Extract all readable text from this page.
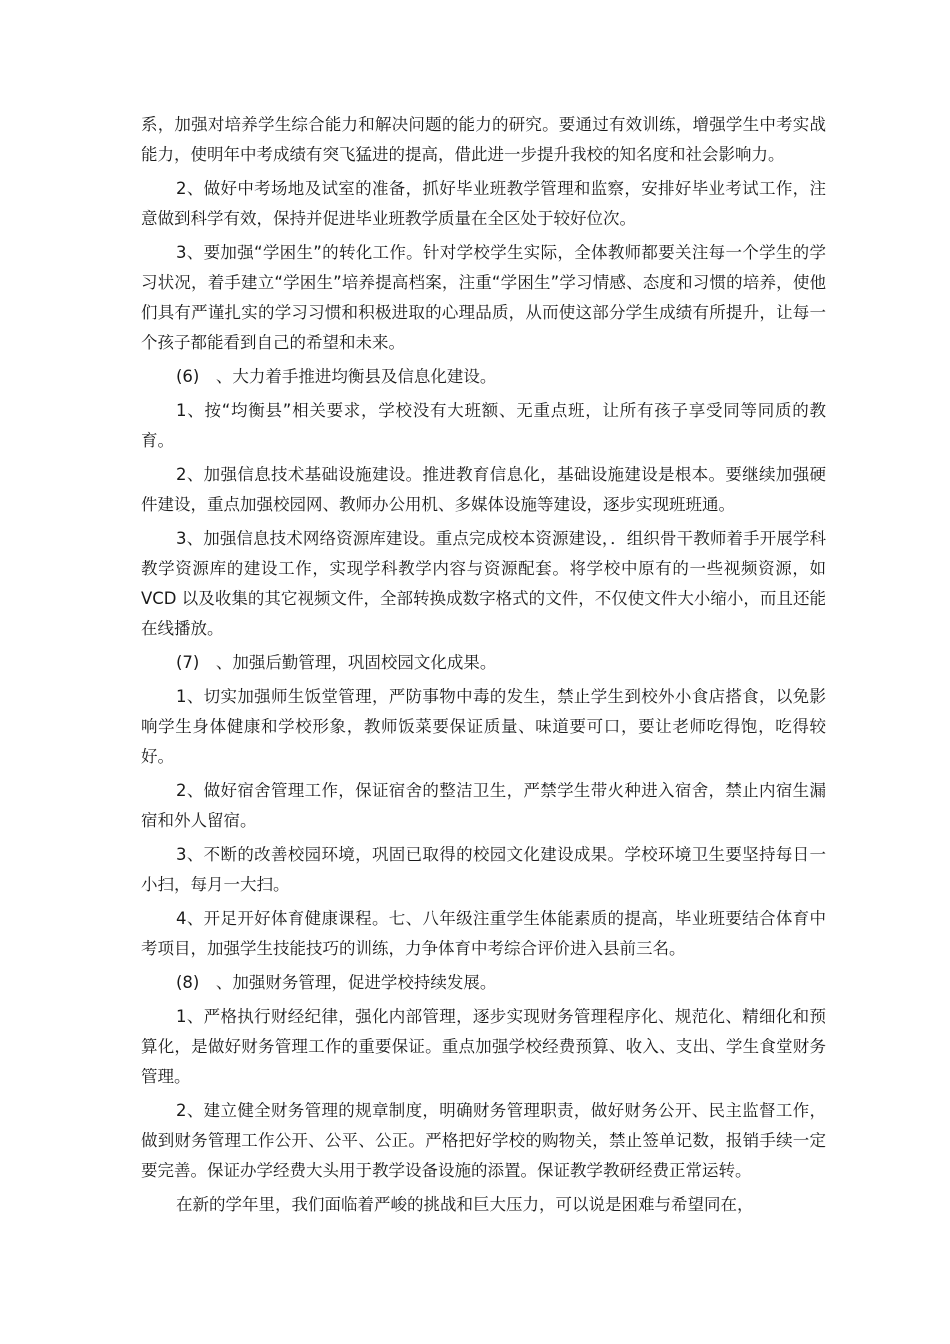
系，加强对培养学生综合能力和解决问题的能力的研究。要通过有效训练，增强学生中考实战能力，使明年中考成绩有突飞猛进的提高，借此进一步提升我校的知名度和社会影响力。

2、做好中考场地及试室的准备，抓好毕业班教学管理和监察，安排好毕业考试工作，注意做到科学有效，保持并促进毕业班教学质量在全区处于较好位次。

3、要加强“学困生”的转化工作。针对学校学生实际，全体教师都要关注每一个学生的学习状况，着手建立“学困生”培养提高档案，注重“学困生”学习情感、态度和习惯的培养，使他们具有严谨扎实的学习习惯和积极进取的心理品质，从而使这部分学生成绩有所提升，让每一个孩子都能看到自己的希望和未来。

(6)　、大力着手推进均衡县及信息化建设。

1、按“均衡县”相关要求，学校没有大班额、无重点班，让所有孩子享受同等同质的教育。

2、加强信息技术基础设施建设。推进教育信息化，基础设施建设是根本。要继续加强硬件建设，重点加强校园网、教师办公用机、多媒体设施等建设，逐步实现班班通。

3、加强信息技术网络资源库建设。重点完成校本资源建设，．组织骨干教师着手开展学科教学资源库的建设工作，实现学科教学内容与资源配套。将学校中原有的一些视频资源，如 VCD 以及收集的其它视频文件，全部转换成数字格式的文件，不仅使文件大小缩小，而且还能在线播放。

(7)　、加强后勤管理，巩固校园文化成果。

1、切实加强师生饭堂管理，严防事物中毒的发生，禁止学生到校外小食店搭食，以免影响学生身体健康和学校形象，教师饭菜要保证质量、味道要可口，要让老师吃得饱，吃得较好。

2、做好宿舍管理工作，保证宿舍的整洁卫生，严禁学生带火种进入宿舍，禁止内宿生漏宿和外人留宿。

3、不断的改善校园环境，巩固已取得的校园文化建设成果。学校环境卫生要坚持每日一小扫，每月一大扫。

4、开足开好体育健康课程。七、八年级注重学生体能素质的提高，毕业班要结合体育中考项目，加强学生技能技巧的训练，力争体育中考综合评价进入县前三名。

(8)　、加强财务管理，促进学校持续发展。

1、严格执行财经纪律，强化内部管理，逐步实现财务管理程序化、规范化、精细化和预算化，是做好财务管理工作的重要保证。重点加强学校经费预算、收入、支出、学生食堂财务管理。

2、建立健全财务管理的规章制度，明确财务管理职责，做好财务公开、民主监督工作，做到财务管理工作公开、公平、公正。严格把好学校的购物关，禁止签单记数，报销手续一定要完善。保证办学经费大头用于教学设备设施的添置。保证教学教研经费正常运转。

在新的学年里，我们面临着严峻的挑战和巨大压力，可以说是困难与希望同在，
